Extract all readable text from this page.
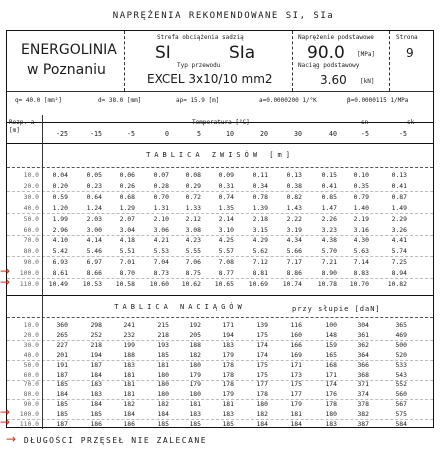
NAPRĘŻENIA REKOMENDOWANE SI, SIa
ENERGOLINIA
w Poznaniu
Strefa obciążenia sadzią
SI	SIa
Typ przewodu
EXCEL 3x10/10 mm2
Naprężenie podstawowe
90.0 [MPa]
Naciąg podstawowy
3.60 [kN]
Strona
9
q= 40.0 [mm²]	d= 38.0 [mm]	ap= 15.9 [m]	a=0.0000200 1/°K	β=0.0000115 1/MPa
Rozp. a [m]
Temperatura [°C]	sn	sk
-25	-15	-5	0	5	10	20	30	40	-5	-5
TABLICA ZWISÓW [m]
10.0	0.04	0.05	0.06	0.07	0.08	0.09	0.11	0.13	0.15	0.10	0.13
20.0	0.20	0.23	0.26	0.28	0.29	0.31	0.34	0.38	0.41	0.35	0.41
30.0	0.59	0.64	0.68	0.70	0.72	0.74	0.78	0.82	0.85	0.79	0.87
40.0	1.20	1.24	1.29	1.31	1.33	1.35	1.39	1.43	1.47	1.40	1.49
50.0	1.99	2.03	2.07	2.10	2.12	2.14	2.18	2.22	2.26	2.19	2.29
60.0	2.96	3.00	3.04	3.06	3.08	3.10	3.15	3.19	3.23	3.16	3.26
70.0	4.10	4.14	4.18	4.21	4.23	4.25	4.29	4.34	4.38	4.30	4.41
80.0	5.42	5.46	5.51	5.53	5.55	5.57	5.62	5.66	5.70	5.63	5.74
90.0	6.93	6.97	7.01	7.04	7.06	7.08	7.12	7.17	7.21	7.14	7.25
100.0	8.61	8.66	8.70	8.73	8.75	8.77	8.81	8.86	8.90	8.83	8.94
110.0	10.49	10.53	10.58	10.60	10.62	10.65	10.69	10.74	10.78	10.70	10.82
TABLICA NACIĄGÓW	przy słupie [daN]
10.0	360	298	241	215	192	171	139	116	100	304	365
20.0	265	252	232	218	205	194	175	160	148	361	469
30.0	227	218	199	193	188	183	174	166	159	362	500
40.0	201	194	188	185	182	179	174	169	165	364	520
50.0	191	187	183	181	180	178	175	171	168	366	533
60.0	187	184	181	180	179	178	175	173	171	368	543
70.0	185	183	181	180	179	178	177	175	174	371	552
80.0	184	183	181	180	180	179	178	177	176	374	560
90.0	185	184	182	182	181	181	180	179	178	378	567
100.0	185	185	184	184	183	183	182	181	180	382	575
110.0	187	186	186	185	185	185	184	184	183	387	584
→
→
→
→
→ DŁUGOŚCI PRZĘSEŁ NIE ZALECANE
